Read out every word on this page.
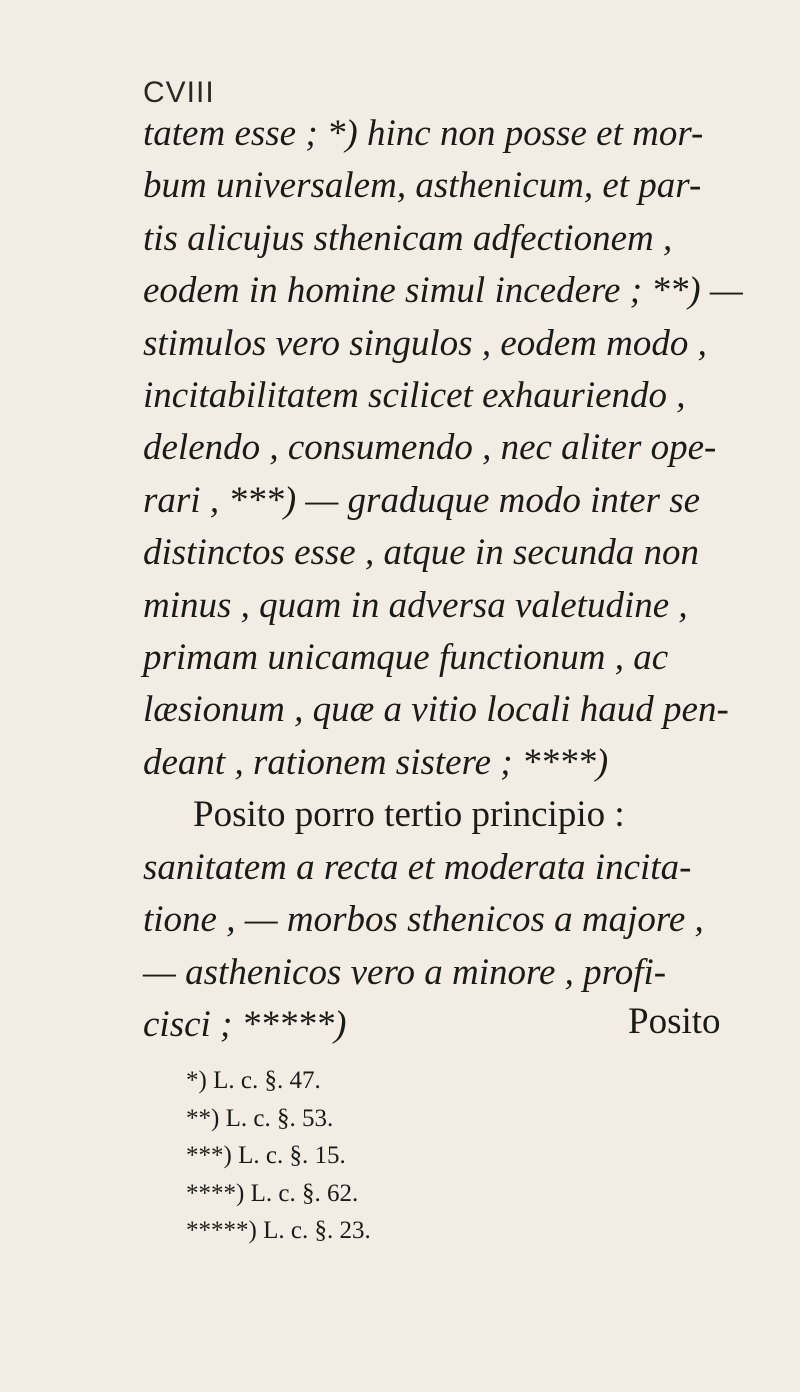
CVIII
tatem esse ; *) hinc non posse et mor-
bum universalem, asthenicum, et par-
tis alicujus sthenicam adfectionem ,
eodem in homine simul incedere ; **) —
stimulos vero singulos , eodem modo ,
incitabilitatem scilicet exhauriendo ,
delendo , consumendo , nec aliter ope-
rari , ***) — graduque modo inter se
distinctos esse , atque in secunda non
minus , quam in adversa valetudine ,
primam unicamque functionum , ac
læsionum , quæ a vitio locali haud pen-
deant , rationem sistere ; ****)
Posito porro tertio principio :
sanitatem a recta et moderata incita-
tione , — morbos sthenicos a majore ,
— asthenicos vero a minore , profi-
cisci ; *****)	Posito
*) L. c. §. 47.
**) L. c. §. 53.
***) L. c. §. 15.
****) L. c. §. 62.
*****) L. c. §. 23.
